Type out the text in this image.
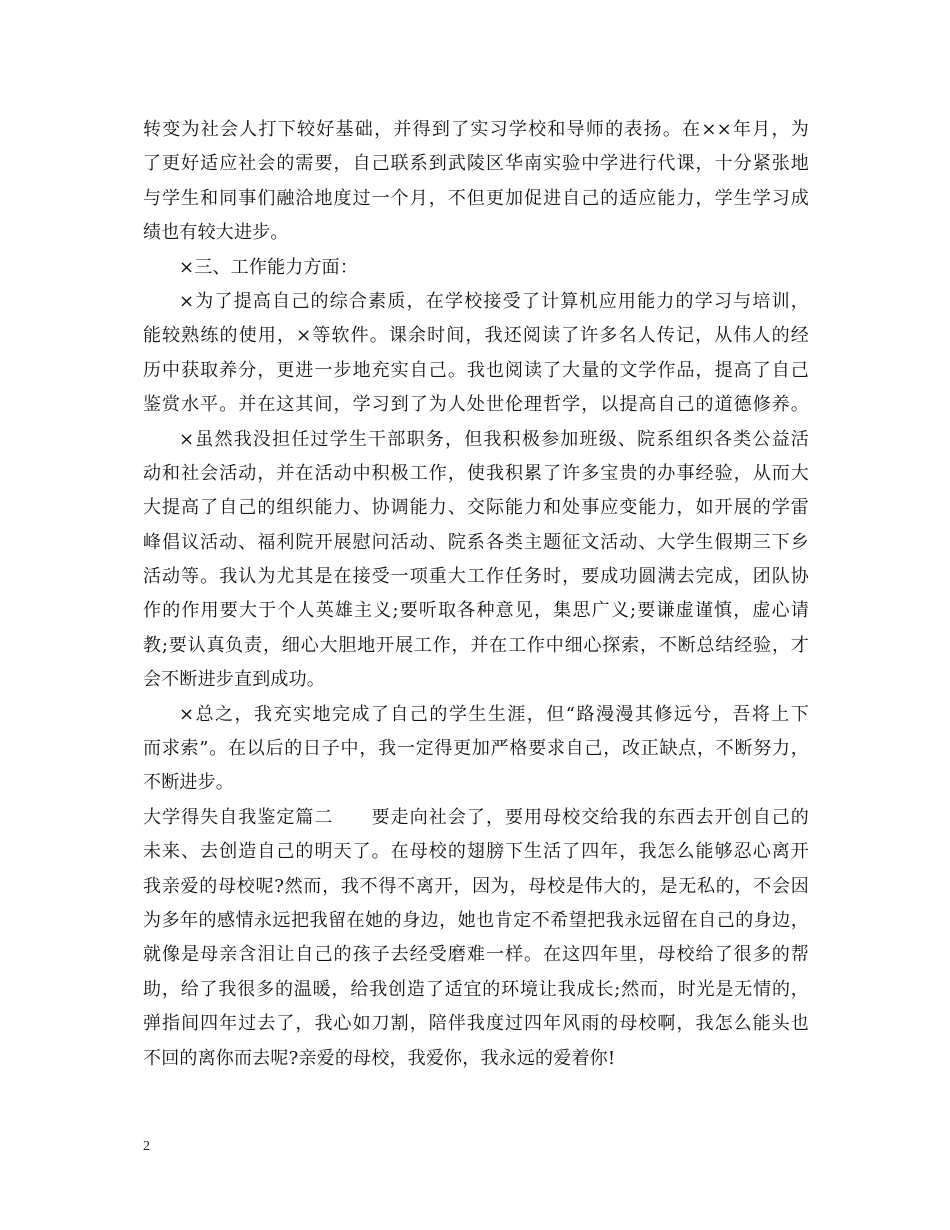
转变为社会人打下较好基础，并得到了实习学校和导师的表扬。在××年月，为
了更好适应社会的需要，自己联系到武陵区华南实验中学进行代课，十分紧张地
与学生和同事们融洽地度过一个月，不但更加促进自己的适应能力，学生学习成
绩也有较大进步。
×三、工作能力方面：
×为了提高自己的综合素质，在学校接受了计算机应用能力的学习与培训，
能较熟练的使用，×等软件。课余时间，我还阅读了许多名人传记，从伟人的经
历中获取养分，更进一步地充实自己。我也阅读了大量的文学作品，提高了自己
鉴赏水平。并在这其间，学习到了为人处世伦理哲学，以提高自己的道德修养。
×虽然我没担任过学生干部职务，但我积极参加班级、院系组织各类公益活
动和社会活动，并在活动中积极工作，使我积累了许多宝贵的办事经验，从而大
大提高了自己的组织能力、协调能力、交际能力和处事应变能力，如开展的学雷
峰倡议活动、福利院开展慰问活动、院系各类主题征文活动、大学生假期三下乡
活动等。我认为尤其是在接受一项重大工作任务时，要成功圆满去完成，团队协
作的作用要大于个人英雄主义;要听取各种意见，集思广义;要谦虚谨慎，虚心请
教;要认真负责，细心大胆地开展工作，并在工作中细心探索，不断总结经验，才
会不断进步直到成功。
×总之，我充实地完成了自己的学生生涯，但“路漫漫其修远兮，吾将上下
而求索”。在以后的日子中，我一定得更加严格要求自己，改正缺点，不断努力，
不断进步。
大学得失自我鉴定篇二　　要走向社会了，要用母校交给我的东西去开创自己的
未来、去创造自己的明天了。在母校的翅膀下生活了四年，我怎么能够忍心离开
我亲爱的母校呢?然而，我不得不离开，因为，母校是伟大的，是无私的，不会因
为多年的感情永远把我留在她的身边，她也肯定不希望把我永远留在自己的身边，
就像是母亲含泪让自己的孩子去经受磨难一样。在这四年里，母校给了很多的帮
助，给了我很多的温暖，给我创造了适宜的环境让我成长;然而，时光是无情的，
弹指间四年过去了，我心如刀割，陪伴我度过四年风雨的母校啊，我怎么能头也
不回的离你而去呢?亲爱的母校，我爱你，我永远的爱着你!
2
